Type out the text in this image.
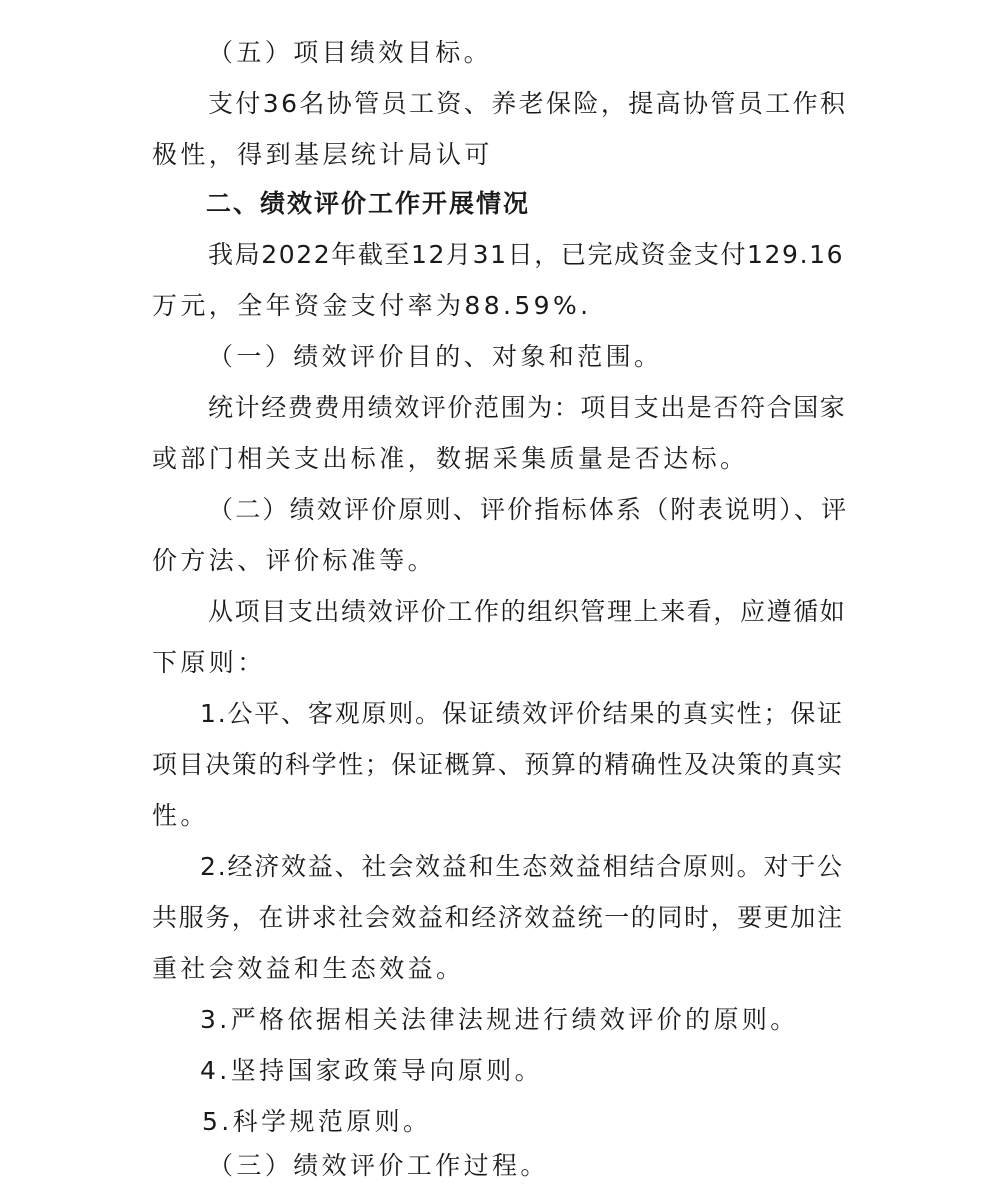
（五）项目绩效目标。
支付36名协管员工资、养老保险，提高协管员工作积
极性，得到基层统计局认可
二、绩效评价工作开展情况
我局2022年截至12月31日，已完成资金支付129.16
万元，全年资金支付率为88.59%.
（一）绩效评价目的、对象和范围。
统计经费费用绩效评价范围为：项目支出是否符合国家
或部门相关支出标准，数据采集质量是否达标。
（二）绩效评价原则、评价指标体系（附表说明）、评
价方法、评价标准等。
从项目支出绩效评价工作的组织管理上来看，应遵循如
下原则：
1.公平、客观原则。保证绩效评价结果的真实性；保证
项目决策的科学性；保证概算、预算的精确性及决策的真实
性。
2.经济效益、社会效益和生态效益相结合原则。对于公
共服务，在讲求社会效益和经济效益统一的同时，要更加注
重社会效益和生态效益。
3.严格依据相关法律法规进行绩效评价的原则。
4.坚持国家政策导向原则。
5.科学规范原则。
（三）绩效评价工作过程。
